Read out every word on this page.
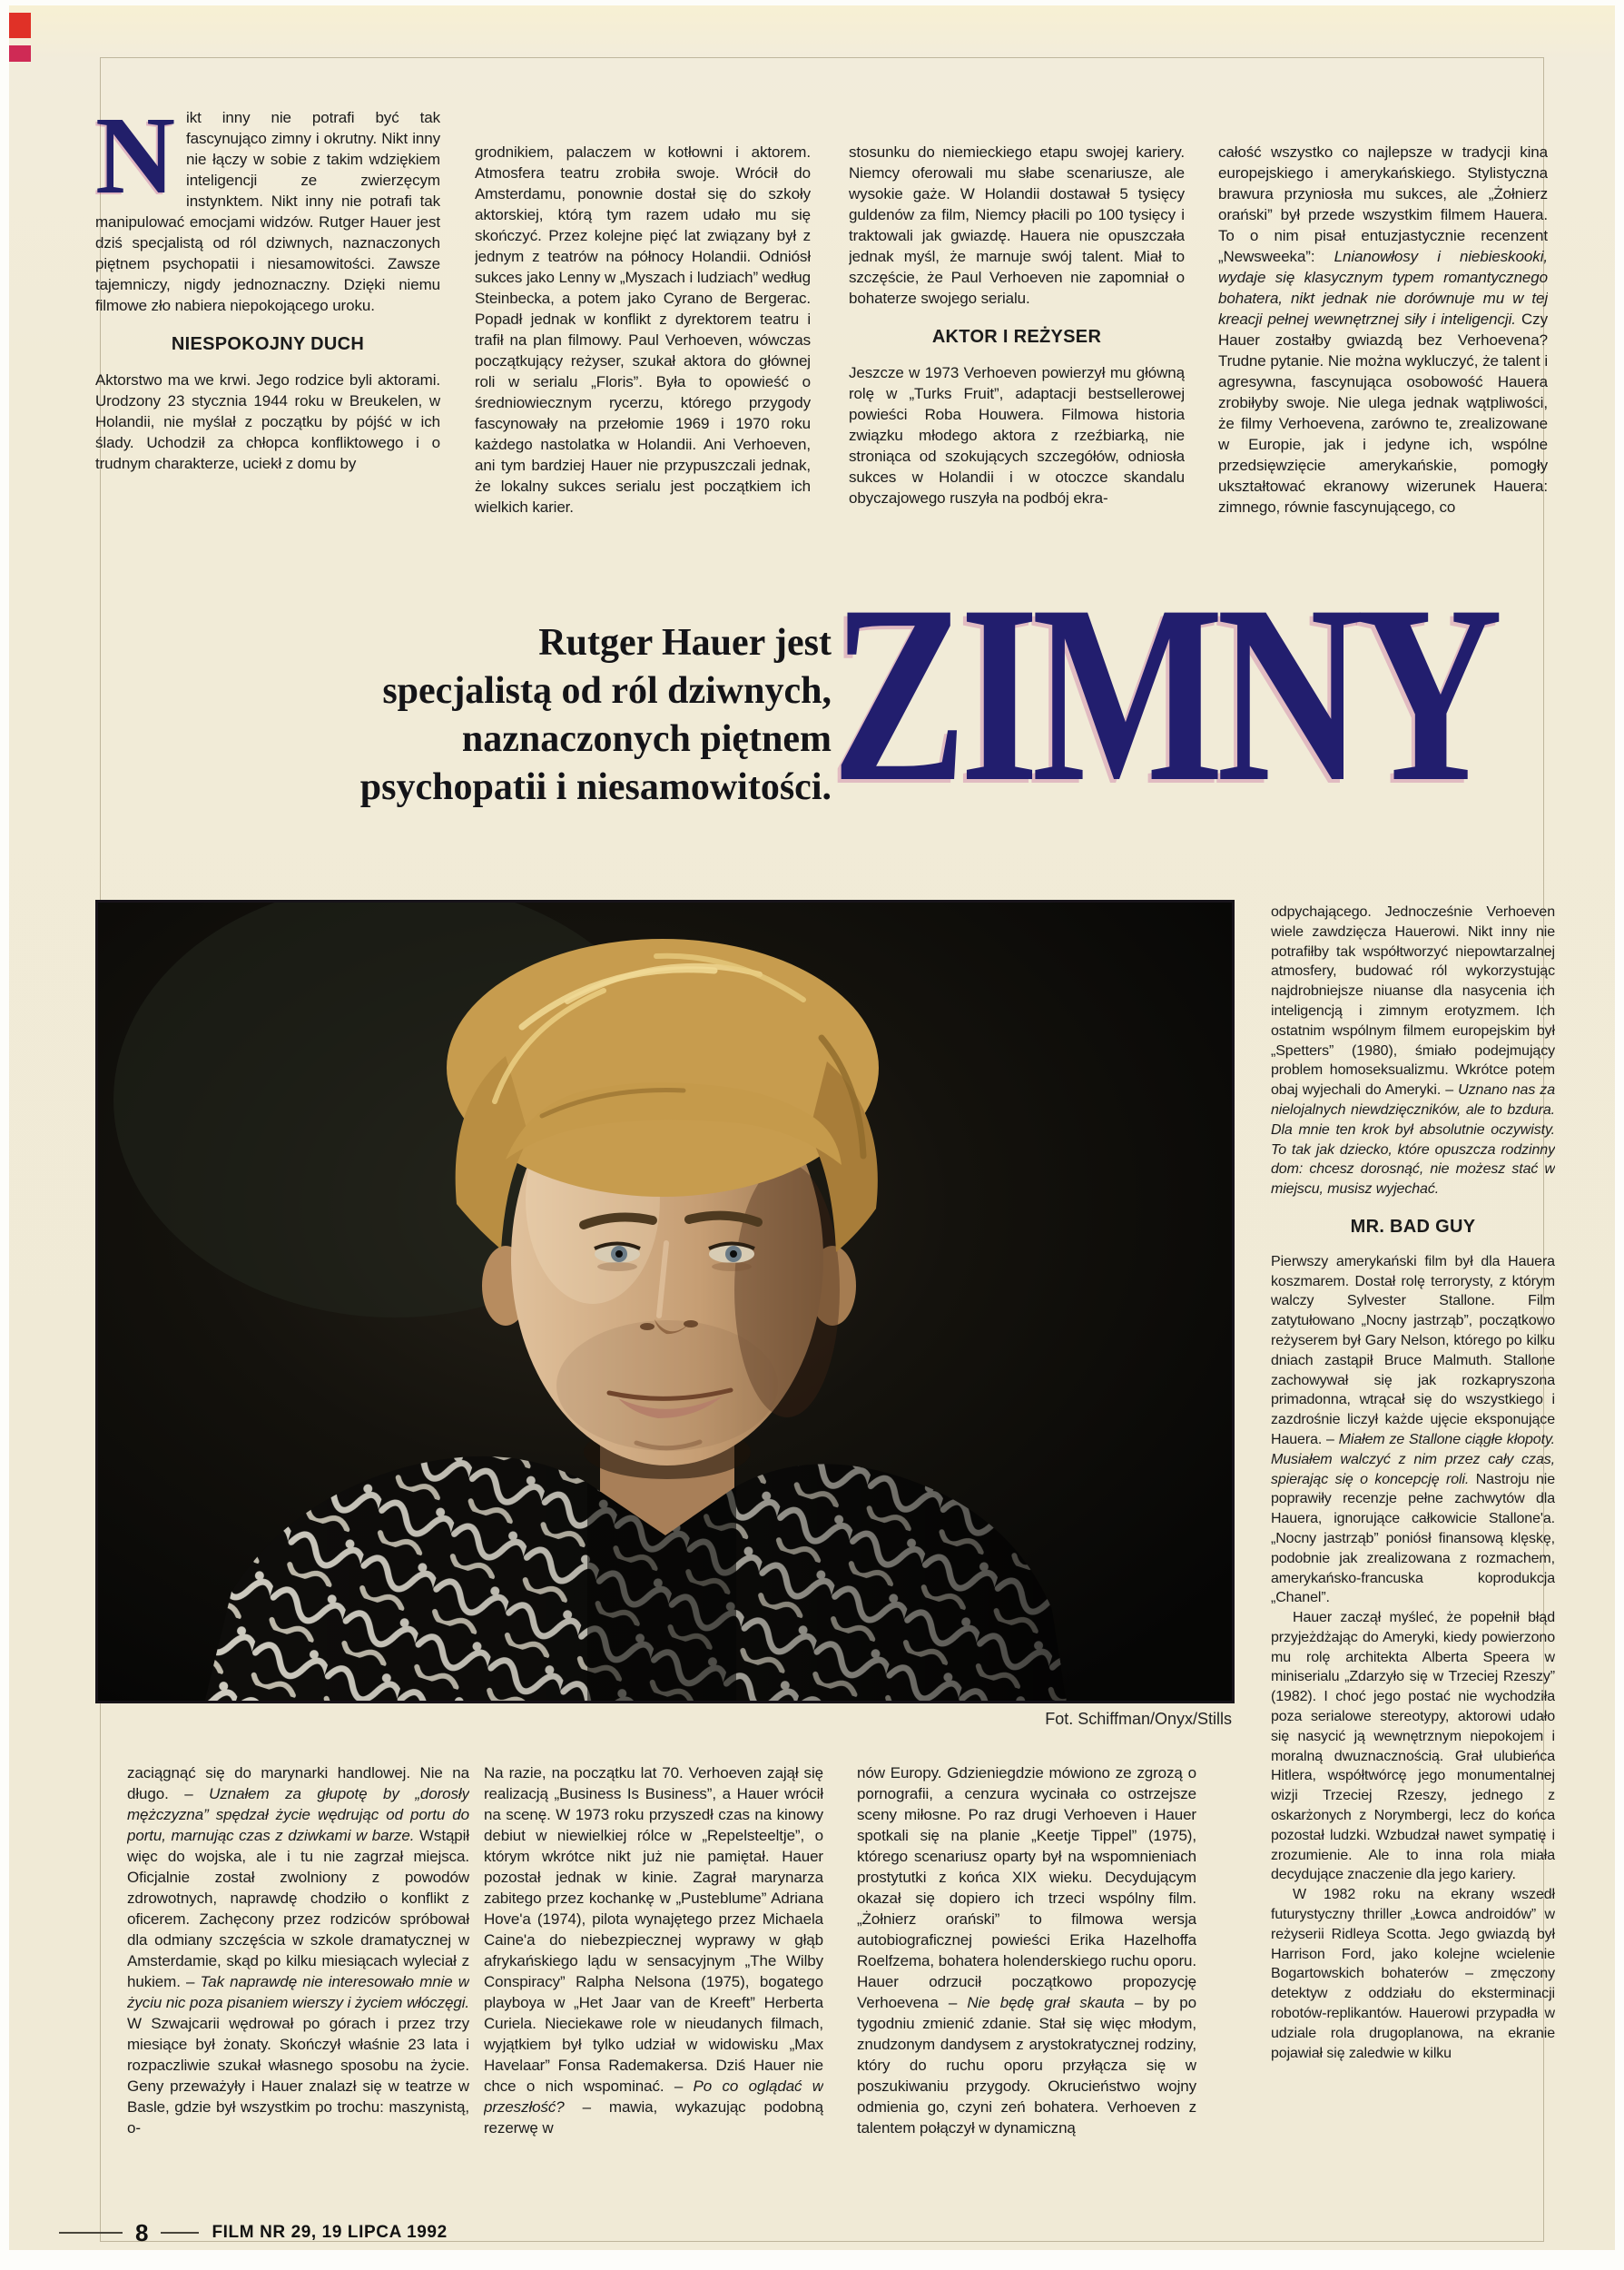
Nikt inny nie potrafi być tak fascynująco zimny i okrutny. Nikt inny nie łączy w sobie z takim wdziękiem inteligencji ze zwierzęcym instynktem. Nikt inny nie potrafi tak manipulować emocjami widzów. Rutger Hauer jest dziś specjalistą od ról dziwnych, naznaczonych piętnem psychopatii i niesamowitości. Zawsze tajemniczy, nigdy jednoznaczny. Dzięki niemu filmowe zło nabiera niepokojącego uroku.

NIESPOKOJNY DUCH

Aktorstwo ma we krwi. Jego rodzice byli aktorami. Urodzony 23 stycznia 1944 roku w Breukelen, w Holandii, nie myślał z początku by pójść w ich ślady. Uchodził za chłopca konfliktowego i o trudnym charakterze, uciekł z domu by

grodnikiem, palaczem w kotłowni i aktorem. Atmosfera teatru zrobiła swoje. Wrócił do Amsterdamu, ponownie dostał się do szkoły aktorskiej, którą tym razem udało mu się skończyć. Przez kolejne pięć lat związany był z jednym z teatrów na północy Holandii. Odniósł sukces jako Lenny w „Myszach i ludziach” według Steinbecka, a potem jako Cyrano de Bergerac. Popadł jednak w konflikt z dyrektorem teatru i trafił na plan filmowy. Paul Verhoeven, wówczas początkujący reżyser, szukał aktora do głównej roli w serialu „Floris”. Była to opowieść o średniowiecznym rycerzu, którego przygody fascynowały na przełomie 1969 i 1970 roku każdego nastolatka w Holandii. Ani Verhoeven, ani tym bardziej Hauer nie przypuszczali jednak, że lokalny sukces serialu jest początkiem ich wielkich karier.

stosunku do niemieckiego etapu swojej kariery. Niemcy oferowali mu słabe scenariusze, ale wysokie gaże. W Holandii dostawał 5 tysięcy guldenów za film, Niemcy płacili po 100 tysięcy i traktowali jak gwiazdę. Hauera nie opuszczała jednak myśl, że marnuje swój talent. Miał to szczęście, że Paul Verhoeven nie zapomniał o bohaterze swojego serialu.

AKTOR I REŻYSER

Jeszcze w 1973 Verhoeven powierzył mu główną rolę w „Turks Fruit”, adaptacji bestsellerowej powieści Roba Houwera. Filmowa historia związku młodego aktora z rzeźbiarką, nie stroniąca od szokujących szczegółów, odniosła sukces w Holandii i w otoczce skandalu obyczajowego ruszyła na podbój ekra-

całość wszystko co najlepsze w tradycji kina europejskiego i amerykańskiego. Stylistyczna brawura przyniosła mu sukces, ale „Żołnierz orański” był przede wszystkim filmem Hauera. To o nim pisał entuzjastycznie recenzent „Newsweeka”: Lnianowłosy i niebieskooki, wydaje się klasycznym typem romantycznego bohatera, nikt jednak nie dorównuje mu w tej kreacji pełnej wewnętrznej siły i inteligencji. Czy Hauer zostałby gwiazdą bez Verhoevena? Trudne pytanie. Nie można wykluczyć, że talent i agresywna, fascynująca osobowość Hauera zrobiłyby swoje. Nie ulega jednak wątpliwości, że filmy Verhoevena, zarówno te, zrealizowane w Europie, jak i jedyne ich, wspólne przedsięwzięcie amerykańskie, pomogły ukształtować ekranowy wizerunek Hauera: zimnego, równie fascynującego, co

Rutger Hauer jest
specjalistą od ról dziwnych,
naznaczonych piętnem
psychopatii i niesamowitości. ZIMNY
Fot. Schiffman/Onyx/Stills

odpychającego. Jednocześnie Verhoeven wiele zawdzięcza Hauerowi. Nikt inny nie potrafiłby tak współtworzyć niepowtarzalnej atmosfery, budować ról wykorzystując najdrobniejsze niuanse dla nasycenia ich inteligencją i zimnym erotyzmem. Ich ostatnim wspólnym filmem europejskim był „Spetters” (1980), śmiało podejmujący problem homoseksualizmu. Wkrótce potem obaj wyjechali do Ameryki. – Uznano nas za nielojalnych niewdzięczników, ale to bzdura. Dla mnie ten krok był absolutnie oczywisty. To tak jak dziecko, które opuszcza rodzinny dom: chcesz dorosnąć, nie możesz stać w miejscu, musisz wyjechać.

MR. BAD GUY

Pierwszy amerykański film był dla Hauera koszmarem. Dostał rolę terrorysty, z którym walczy Sylvester Stallone. Film zatytułowano „Nocny jastrząb”, początkowo reżyserem był Gary Nelson, którego po kilku dniach zastąpił Bruce Malmuth. Stallone zachowywał się jak rozkapryszona primadonna, wtrącał się do wszystkiego i zazdrośnie liczył każde ujęcie eksponujące Hauera. – Miałem ze Stallone ciągłe kłopoty. Musiałem walczyć z nim przez cały czas, spierając się o koncepcję roli. Nastroju nie poprawiły recenzje pełne zachwytów dla Hauera, ignorujące całkowicie Stallone'a. „Nocny jastrząb” poniósł finansową klęskę, podobnie jak zrealizowana z rozmachem, amerykańsko-francuska koprodukcja „Chanel”.

Hauer zaczął myśleć, że popełnił błąd przyjeżdżając do Ameryki, kiedy powierzono mu rolę architekta Alberta Speera w miniserialu „Zdarzyło się w Trzeciej Rzeszy” (1982). I choć jego postać nie wychodziła poza serialowe stereotypy, aktorowi udało się nasycić ją wewnętrznym niepokojem i moralną dwuznacznością. Grał ulubieńca Hitlera, współtwórcę jego monumentalnej wizji Trzeciej Rzeszy, jednego z oskarżonych z Norymbergi, lecz do końca pozostał ludzki. Wzbudzał nawet sympatię i zrozumienie. Ale to inna rola miała decydujące znaczenie dla jego kariery.

W 1982 roku na ekrany wszedł futurystyczny thriller „Łowca androidów” w reżyserii Ridleya Scotta. Jego gwiazdą był Harrison Ford, jako kolejne wcielenie Bogartowskich bohaterów – zmęczony detektyw z oddziału do eksterminacji robotów-replikantów. Hauerowi przypadła w udziale rola drugoplanowa, na ekranie pojawiał się zaledwie w kilku

zaciągnąć się do marynarki handlowej. Nie na długo. – Uznałem za głupotę by „dorosły mężczyzna” spędzał życie wędrując od portu do portu, marnując czas z dziwkami w barze. Wstąpił więc do wojska, ale i tu nie zagrzał miejsca. Oficjalnie został zwolniony z powodów zdrowotnych, naprawdę chodziło o konflikt z oficerem. Zachęcony przez rodziców spróbował dla odmiany szczęścia w szkole dramatycznej w Amsterdamie, skąd po kilku miesiącach wyleciał z hukiem. – Tak naprawdę nie interesowało mnie w życiu nic poza pisaniem wierszy i życiem włóczęgi. W Szwajcarii wędrował po górach i przez trzy miesiące był żonaty. Skończył właśnie 23 lata i rozpaczliwie szukał własnego sposobu na życie. Geny przeważyły i Hauer znalazł się w teatrze w Basle, gdzie był wszystkim po trochu: maszynistą, o-

Na razie, na początku lat 70. Verhoeven zajął się realizacją „Business Is Business”, a Hauer wrócił na scenę. W 1973 roku przyszedł czas na kinowy debiut w niewielkiej rólce w „Repelsteeltje”, o którym wkrótce nikt już nie pamiętał. Hauer pozostał jednak w kinie. Zagrał marynarza zabitego przez kochankę w „Pusteblume” Adriana Hove'a (1974), pilota wynajętego przez Michaela Caine'a do niebezpiecznej wyprawy w głąb afrykańskiego lądu w sensacyjnym „The Wilby Conspiracy” Ralpha Nelsona (1975), bogatego playboya w „Het Jaar van de Kreeft” Herberta Curiela. Nieciekawe role w nieudanych filmach, wyjątkiem był tylko udział w widowisku „Max Havelaar” Fonsa Rademakersa. Dziś Hauer nie chce o nich wspominać. – Po co oglądać w przeszłość? – mawia, wykazując podobną rezerwę w

nów Europy. Gdzieniegdzie mówiono ze zgrozą o pornografii, a cenzura wycinała co ostrzejsze sceny miłosne. Po raz drugi Verhoeven i Hauer spotkali się na planie „Keetje Tippel” (1975), którego scenariusz oparty był na wspomnieniach prostytutki z końca XIX wieku. Decydującym okazał się dopiero ich trzeci wspólny film. „Żołnierz orański” to filmowa wersja autobiograficznej powieści Erika Hazelhoffa Roelfzema, bohatera holenderskiego ruchu oporu. Hauer odrzucił początkowo propozycję Verhoevena – Nie będę grał skauta – by po tygodniu zmienić zdanie. Stał się więc młodym, znudzonym dandysem z arystokratycznej rodziny, który do ruchu oporu przyłącza się w poszukiwaniu przygody. Okrucieństwo wojny odmienia go, czyni zeń bohatera. Verhoeven z talentem połączył w dynamiczną

8	FILM NR 29, 19 LIPCA 1992
